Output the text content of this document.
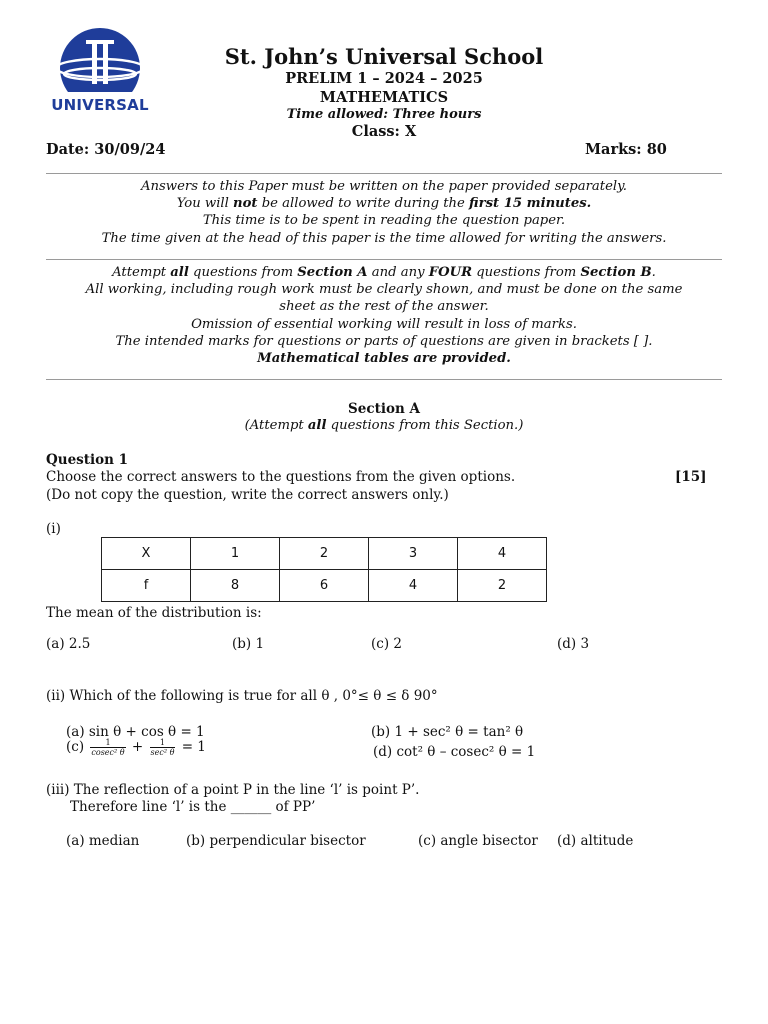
UNIVERSAL
St. John’s Universal School
PRELIM 1 – 2024 – 2025
MATHEMATICS
Time allowed: Three hours
Class: X
Date: 30/09/24	Marks: 80

Answers to this Paper must be written on the paper provided separately.

You will not be allowed to write during the first 15 minutes.

This time is to be spent in reading the question paper.

The time given at the head of this paper is the time allowed for writing the answers.

Attempt all questions from Section A and any FOUR questions from Section B.

All working, including rough work must be clearly shown, and must be done on the same

sheet as the rest of the answer.

Omission of essential working will result in loss of marks.

The intended marks for questions or parts of questions are given in brackets [ ].

Mathematical tables are provided.

Section A
(Attempt all questions from this Section.)
Question 1
Choose the correct answers to the questions from the given options.	[15]
(Do not copy the question, write the correct answers only.)
(i)
X	1	2	3	4
f	8	6	4	2
The mean of the distribution is:
(a) 2.5	(b) 1	(c) 2	(d) 3
(ii) Which of the following is true for all θ , 0°≤ θ ≤ δ 90°
(a) sin θ + cos θ = 1	(b) 1 + sec² θ = tan² θ
$(c) \frac{1}{\text{cosec² θ}} + \frac{1}{\text{sec² θ}} = 1$	(d) cot² θ – cosec² θ = 1
(iii) The reflection of a point P in the line ‘l’ is point P’.
Therefore line ‘l’ is the ______ of PP’
(a) median	(b) perpendicular bisector	(c) angle bisector (d) altitude
